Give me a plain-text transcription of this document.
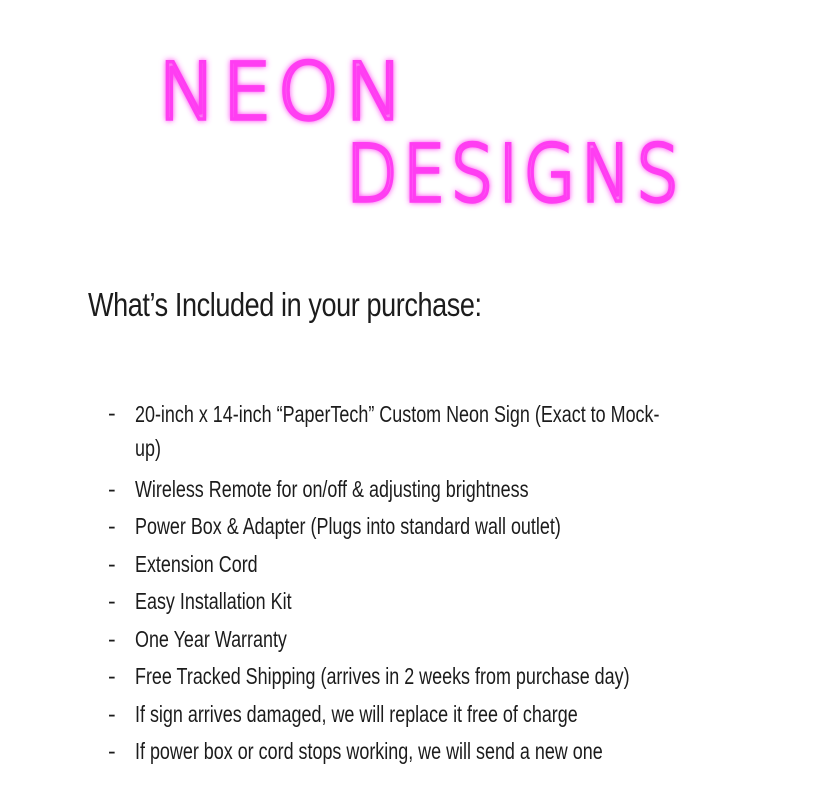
NEON
DESIGNS
What’s Included in your purchase:
- 20-inch x 14-inch “PaperTech” Custom Neon Sign (Exact to Mock-up)
- Wireless Remote for on/off & adjusting brightness
- Power Box & Adapter (Plugs into standard wall outlet)
- Extension Cord
- Easy Installation Kit
- One Year Warranty
- Free Tracked Shipping (arrives in 2 weeks from purchase day)
- If sign arrives damaged, we will replace it free of charge
- If power box or cord stops working, we will send a new one
